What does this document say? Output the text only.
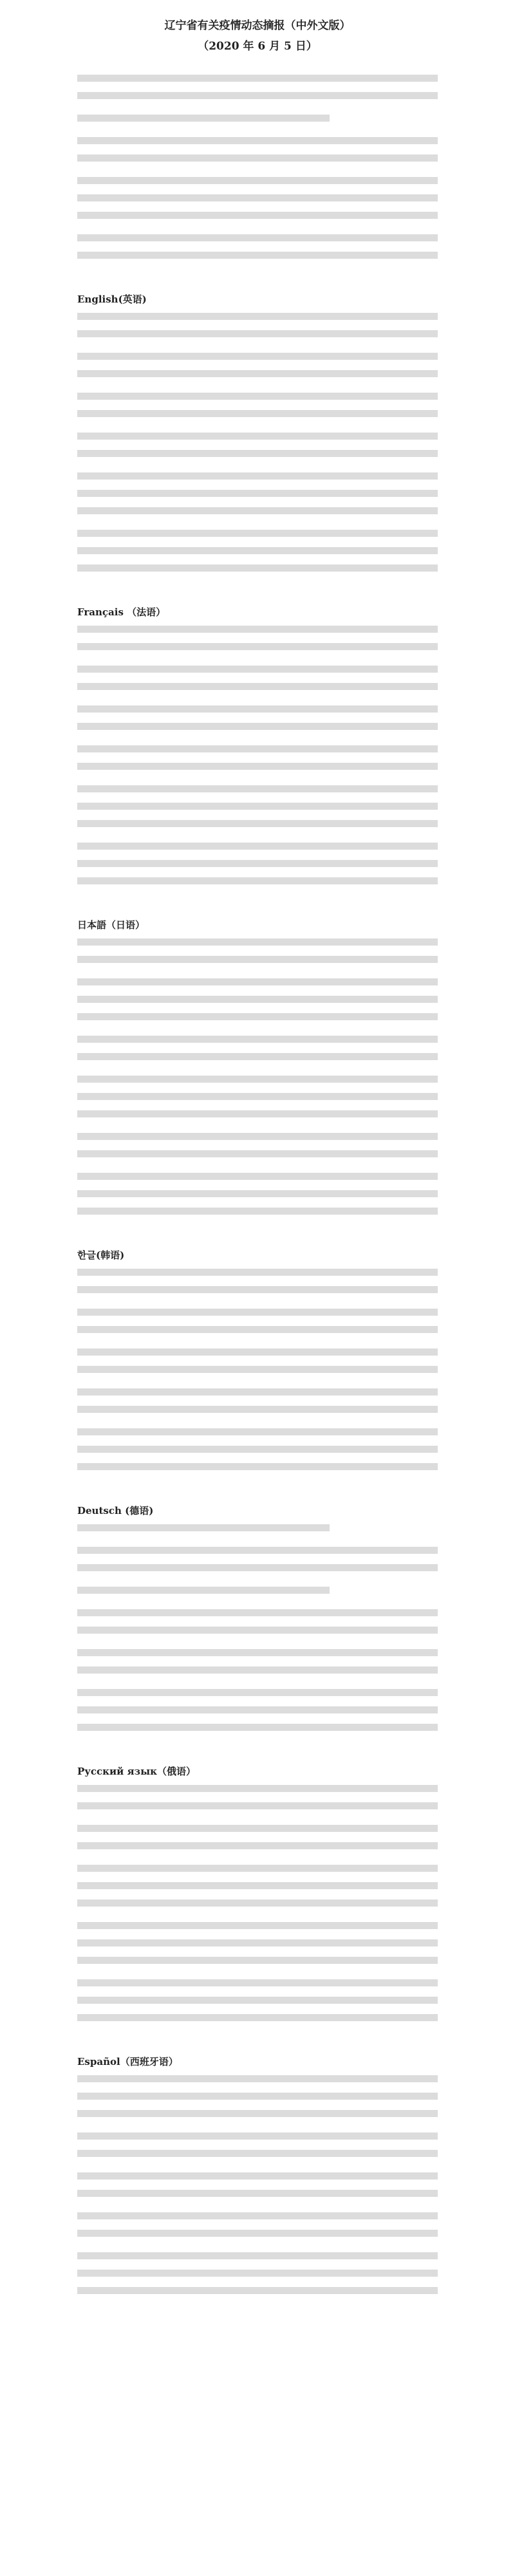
辽宁省有关疫情动态摘报（中外文版）
（2020 年 6 月 5 日）
English(英语)
Français （法语）
日本語（日语）
한글(韩语)
Deutsch (德语)
Русский язык（俄语）
Español（西班牙语）
